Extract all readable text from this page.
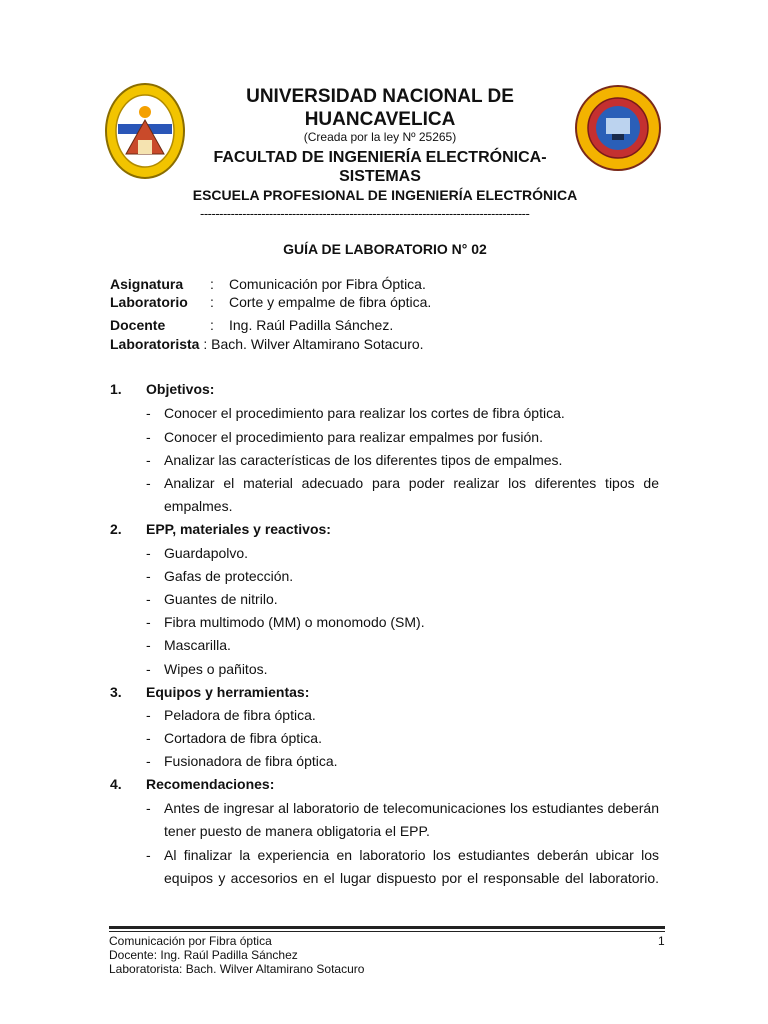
UNIVERSIDAD NACIONAL DE
HUANCAVELICA
(Creada por la ley Nº 25265)
FACULTAD DE INGENIERÍA ELECTRÓNICA-
SISTEMAS
ESCUELA PROFESIONAL DE INGENIERÍA ELECTRÓNICA
--------------------------------------------------------------------------------------
GUÍA DE LABORATORIO N° 02
Asignatura : Comunicación por Fibra Óptica.
Laboratorio : Corte y empalme de fibra óptica.
Docente	: Ing. Raúl Padilla Sánchez.
Laboratorista : Bach. Wilver Altamirano Sotacuro.
1. Objetivos:
- Conocer el procedimiento para realizar los cortes de fibra óptica.
- Conocer el procedimiento para realizar empalmes por fusión.
- Analizar las características de los diferentes tipos de empalmes.
- Analizar el material adecuado para poder realizar los diferentes tipos de
empalmes.
2. EPP, materiales y reactivos:
- Guardapolvo.
- Gafas de protección.
- Guantes de nitrilo.
- Fibra multimodo (MM) o monomodo (SM).
- Mascarilla.
- Wipes o pañitos.
3. Equipos y herramientas:
- Peladora de fibra óptica.
- Cortadora de fibra óptica.
- Fusionadora de fibra óptica.
4. Recomendaciones:
- Antes de ingresar al laboratorio de telecomunicaciones los estudiantes deberán
tener puesto de manera obligatoria el EPP.
- Al finalizar la experiencia en laboratorio los estudiantes deberán ubicar los
equipos y accesorios en el lugar dispuesto por el responsable del laboratorio.
Comunicación por Fibra óptica	1
Docente: Ing. Raúl Padilla Sánchez
Laboratorista: Bach. Wilver Altamirano Sotacuro
